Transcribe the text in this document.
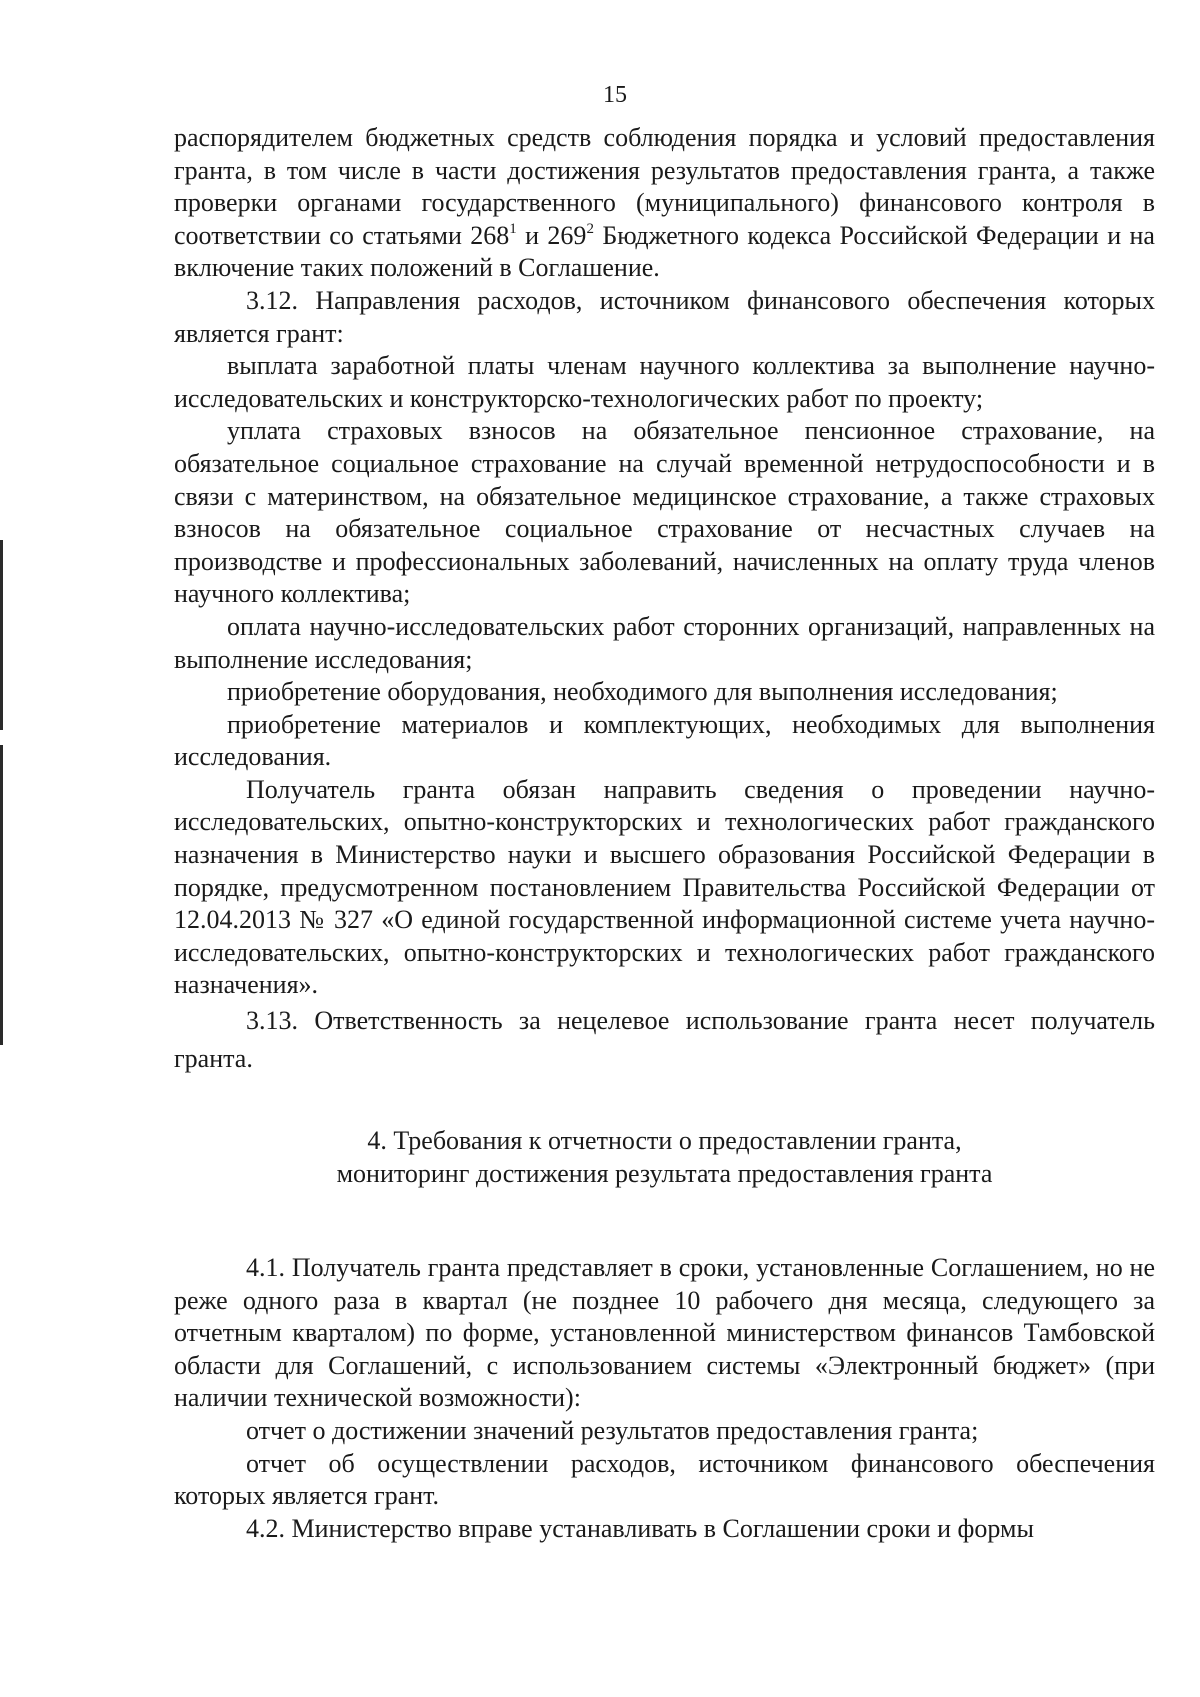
15

распорядителем бюджетных средств соблюдения порядка и условий предоставления гранта, в том числе в части достижения результатов предоставления гранта, а также проверки органами государственного (муниципального) финансового контроля в соответствии со статьями $268^1$ и $269^2$ Бюджетного кодекса Российской Федерации и на включение таких положений в Соглашение.

3.12. Направления расходов, источником финансового обеспечения которых является грант:

выплата заработной платы членам научного коллектива за выполнение научно-исследовательских и конструкторско-технологических работ по проекту;

уплата страховых взносов на обязательное пенсионное страхование, на обязательное социальное страхование на случай временной нетрудоспособности и в связи с материнством, на обязательное медицинское страхование, а также страховых взносов на обязательное социальное страхование от несчастных случаев на производстве и профессиональных заболеваний, начисленных на оплату труда членов научного коллектива;

оплата научно-исследовательских работ сторонних организаций, направленных на выполнение исследования;

приобретение оборудования, необходимого для выполнения исследования;

приобретение материалов и комплектующих, необходимых для выполнения исследования.

Получатель гранта обязан направить сведения о проведении научно-исследовательских, опытно-конструкторских и технологических работ гражданского назначения в Министерство науки и высшего образования Российской Федерации в порядке, предусмотренном постановлением Правительства Российской Федерации от 12.04.2013 № 327 «О единой государственной информационной системе учета научно-исследовательских, опытно-конструкторских и технологических работ гражданского назначения».

3.13. Ответственность за нецелевое использование гранта несет получатель гранта.

4. Требования к отчетности о предоставлении гранта,

мониторинг достижения результата предоставления гранта

4.1. Получатель гранта представляет в сроки, установленные Соглашением, но не реже одного раза в квартал (не позднее 10 рабочего дня месяца, следующего за отчетным кварталом) по форме, установленной министерством финансов Тамбовской области для Соглашений, с использованием системы «Электронный бюджет» (при наличии технической возможности):

отчет о достижении значений результатов предоставления гранта;

отчет об осуществлении расходов, источником финансового обеспечения которых является грант.

4.2. Министерство вправе устанавливать в Соглашении сроки и формы
